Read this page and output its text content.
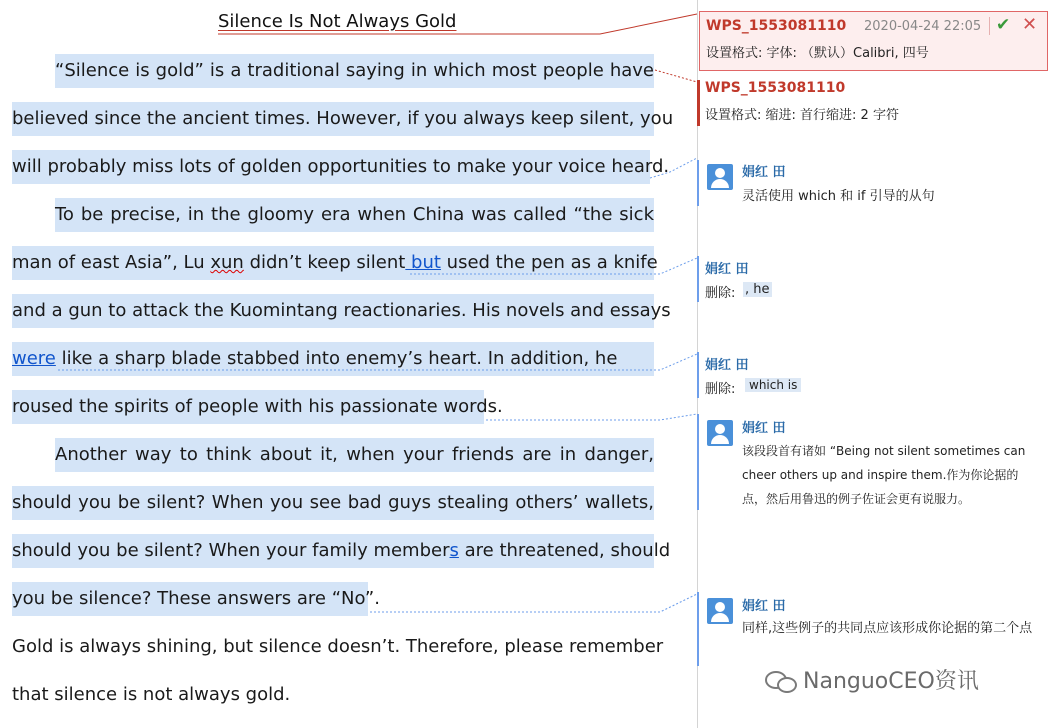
Silence Is Not Always Gold
“Silence is gold” is a traditional saying in which most people have
believed since the ancient times. However, if you always keep silent, you
will probably miss lots of golden opportunities to make your voice heard.
To be precise, in the gloomy era when China was called “the sick
man of east Asia”, Lu xun didn’t keep silent but used the pen as a knife
and a gun to attack the Kuomintang reactionaries. His novels and essays
were like a sharp blade stabbed into enemy’s heart. In addition, he
roused the spirits of people with his passionate words.
Another way to think about it, when your friends are in danger,
should you be silent? When you see bad guys stealing others’ wallets,
should you be silent? When your family members are threatened, should
you be silence? These answers are “No”.
Gold is always shining, but silence doesn’t. Therefore, please remember
that silence is not always gold.
WPS_1553081110 2020-04-24 22:05 ✔ ✕
设置格式: 字体: （默认）Calibri, 四号
WPS_1553081110
设置格式: 缩进: 首行缩进: 2 字符
娟红 田
灵活使用 which 和 if 引导的从句
娟红 田
删除: , he
娟红 田
删除:	which is
娟红 田
该段段首有诸如 “Being not silent sometimes can cheer others up and inspire them.作为你论据的点，然后用鲁迅的例子佐证会更有说服力。
娟红 田
同样,这些例子的共同点应该形成你论据的第二个点
NanguoCEO资讯
